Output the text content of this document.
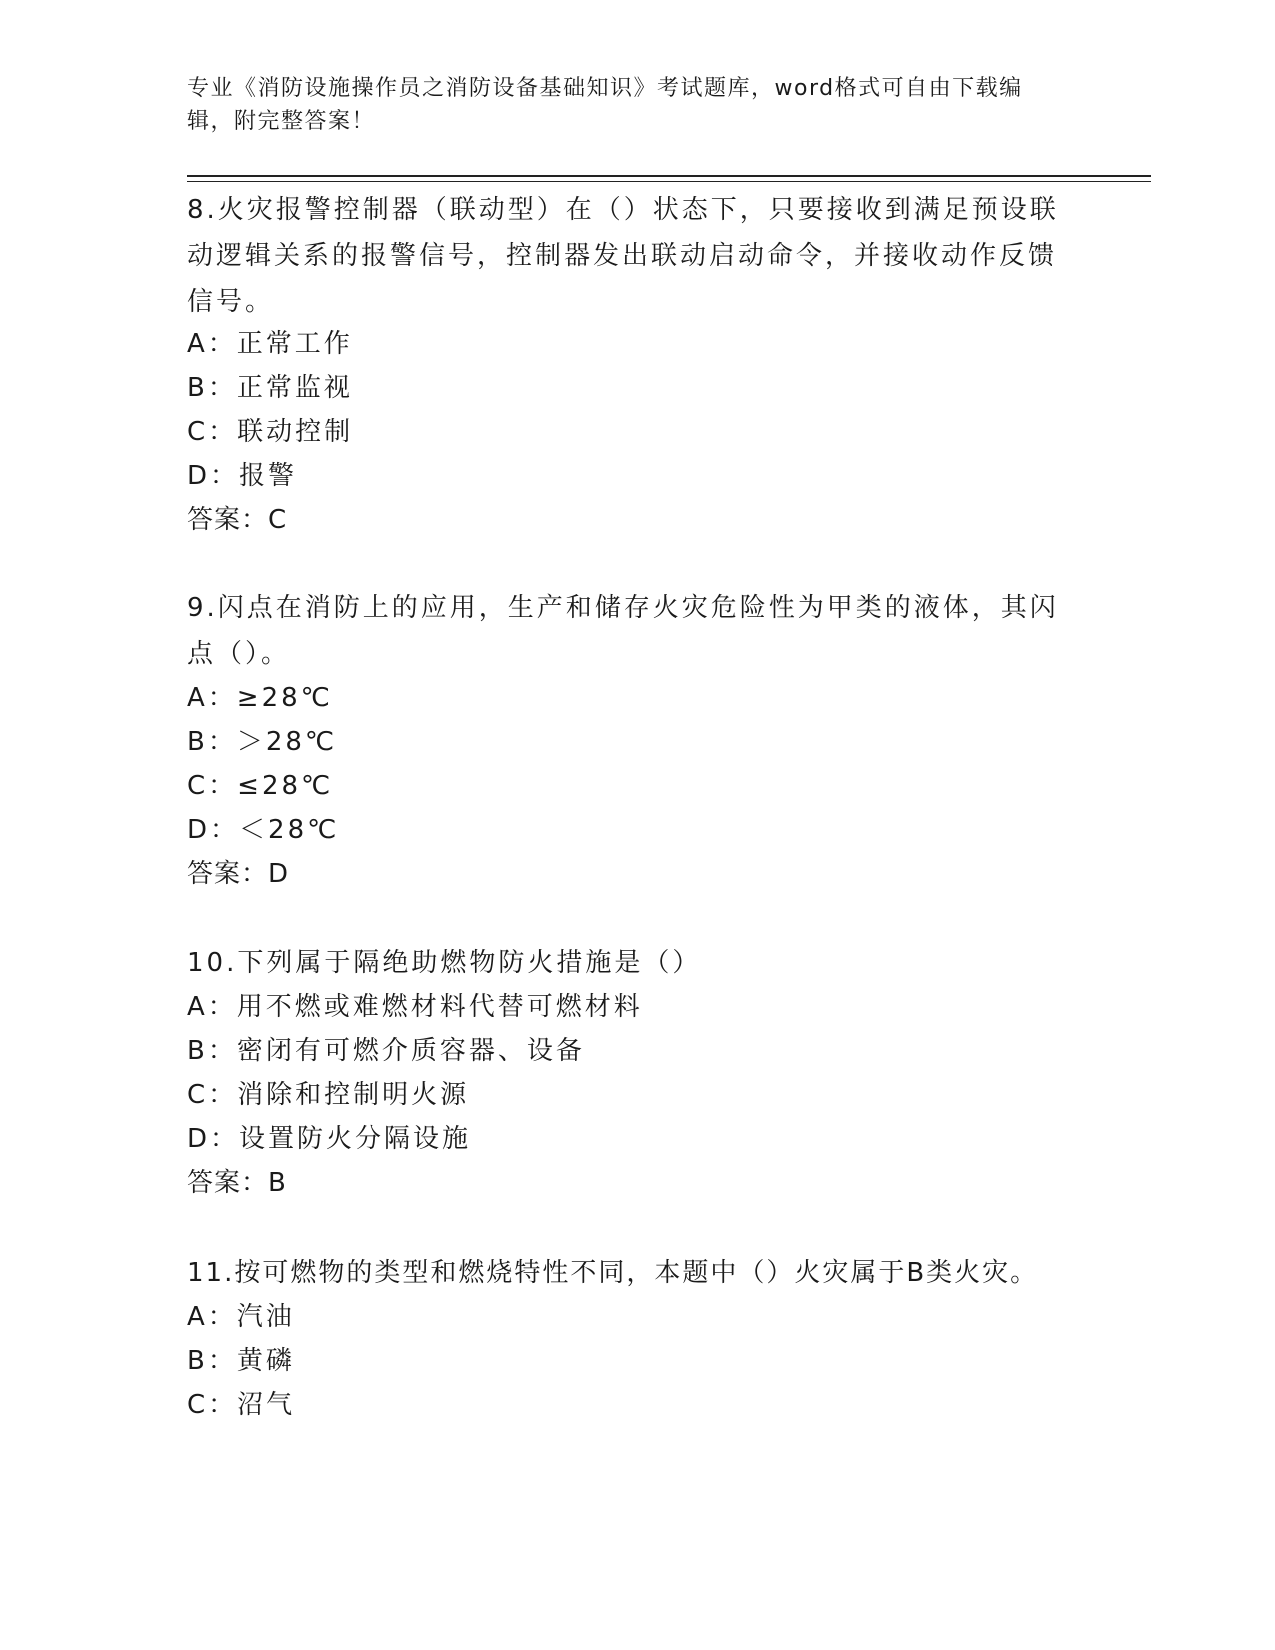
专业《消防设施操作员之消防设备基础知识》考试题库，word格式可自由下载编
辑，附完整答案！
8.火灾报警控制器（联动型）在（）状态下，只要接收到满足预设联
动逻辑关系的报警信号，控制器发出联动启动命令，并接收动作反馈
信号。
A：正常工作
B：正常监视
C：联动控制
D：报警
答案：C
9.闪点在消防上的应用，生产和储存火灾危险性为甲类的液体，其闪
点（）。
A：≥28℃
B：＞28℃
C：≤28℃
D：＜28℃
答案：D
10.下列属于隔绝助燃物防火措施是（）
A：用不燃或难燃材料代替可燃材料
B：密闭有可燃介质容器、设备
C：消除和控制明火源
D：设置防火分隔设施
答案：B
11.按可燃物的类型和燃烧特性不同，本题中（）火灾属于B类火灾。
A：汽油
B：黄磷
C：沼气
